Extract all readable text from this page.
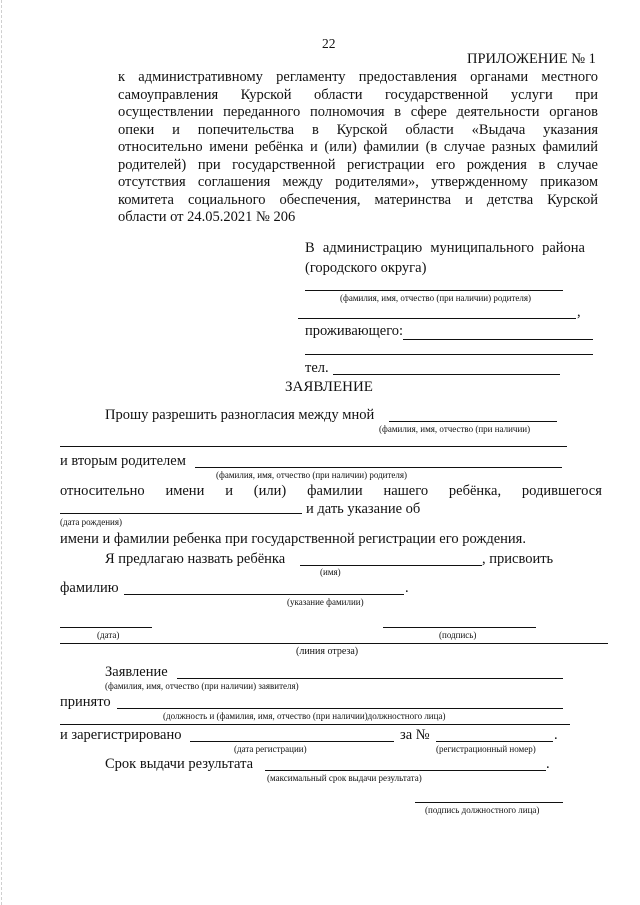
22
ПРИЛОЖЕНИЕ № 1
к административному регламенту предоставления органами местного
самоуправления Курской области государственной услуги при
осуществлении переданного полномочия в сфере деятельности органов
опеки и попечительства в Курской области «Выдача указания
относительно имени ребёнка и (или) фамилии (в случае разных фамилий
родителей) при государственной регистрации его рождения в случае
отсутствия соглашения между родителями», утвержденному приказом
комитета социального обеспечения, материнства и детства Курской
области от 24.05.2021 № 206
В администрацию муниципального района
(городского округа)
(фамилия, имя, отчество (при наличии) родителя)
,
проживающего:
тел.
ЗАЯВЛЕНИЕ
Прошу разрешить разногласия между мной
(фамилия, имя, отчество (при наличии)
и вторым родителем
(фамилия, имя, отчество (при наличии) родителя)
относительно имени и (или) фамилии нашего ребёнка, родившегося
и дать указание об
(дата рождения)
имени и фамилии ребенка при государственной регистрации его рождения.
Я предлагаю назвать ребёнка	, присвоить
(имя)
фамилию	.
(указание фамилии)
(дата)	(подпись)
(линия отреза)
Заявление
(фамилия, имя, отчество (при наличии) заявителя)
принято
(должность и (фамилия, имя, отчество (при наличии)должностного лица)
и зарегистрировано	за №	.
(дата регистрации)	(регистрационный номер)
Срок выдачи результата	.
(максимальный срок выдачи результата)
(подпись должностного лица)
